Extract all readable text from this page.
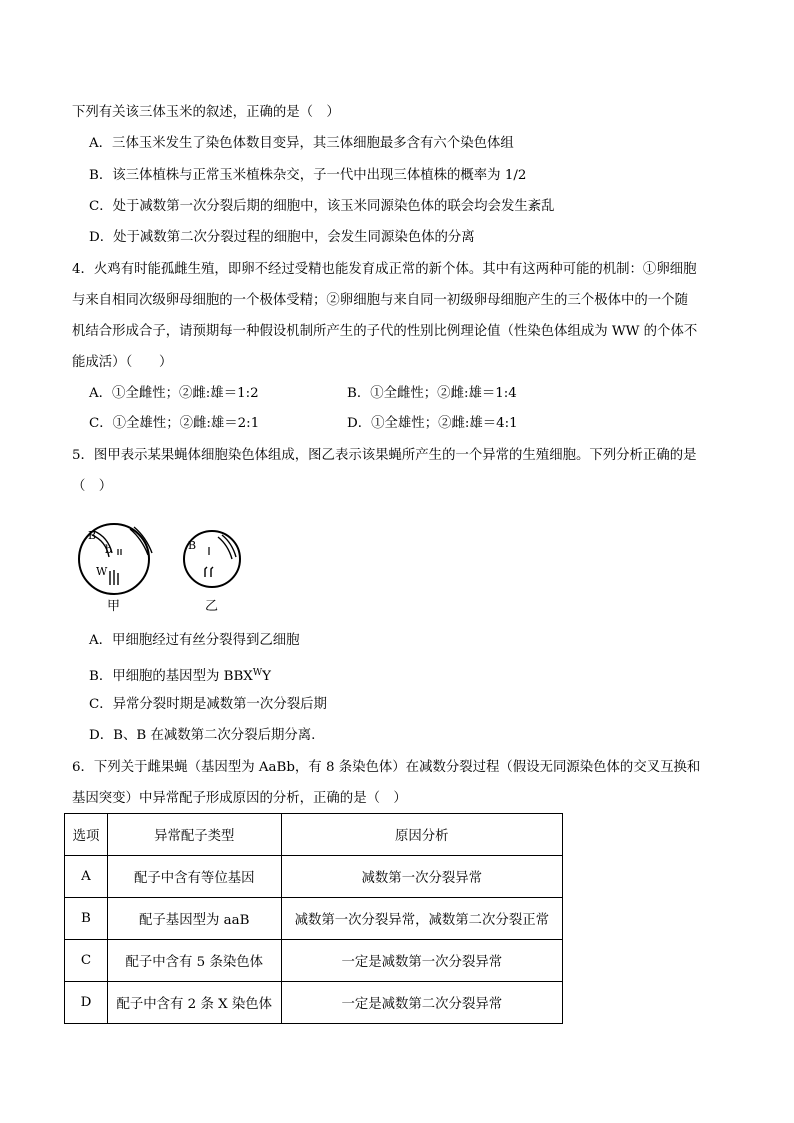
下列有关该三体玉米的叙述，正确的是（　）
A．三体玉米发生了染色体数目变异，其三体细胞最多含有六个染色体组
B．该三体植株与正常玉米植株杂交，子一代中出现三体植株的概率为 1/2
C．处于减数第一次分裂后期的细胞中，该玉米同源染色体的联会均会发生紊乱
D．处于减数第二次分裂过程的细胞中，会发生同源染色体的分离
4．火鸡有时能孤雌生殖，即卵不经过受精也能发育成正常的新个体。其中有这两种可能的机制：①卵细胞
与来自相同次级卵母细胞的一个极体受精；②卵细胞与来自同一初级卵母细胞产生的三个极体中的一个随
机结合形成合子，请预期每一种假设机制所产生的子代的性别比例理论值（性染色体组成为 WW 的个体不
能成活）（　　）
A．①全雌性；②雌:雄＝1:2	B．①全雌性；②雌:雄＝1:4
C．①全雄性；②雌:雄＝2:1	D．①全雄性；②雌:雄＝4:1
5．图甲表示某果蝇体细胞染色体组成，图乙表示该果蝇所产生的一个异常的生殖细胞。下列分析正确的是
（　）
B
b
W
B
甲	乙
A．甲细胞经过有丝分裂得到乙细胞
B．甲细胞的基因型为 $BBX^WY$
C．异常分裂时期是减数第一次分裂后期
D．B、B 在减数第二次分裂后期分离.
6．下列关于雌果蝇（基因型为 AaBb，有 8 条染色体）在减数分裂过程（假设无同源染色体的交叉互换和
基因突变）中异常配子形成原因的分析，正确的是（　）
选项	异常配子类型	原因分析
A	配子中含有等位基因	减数第一次分裂异常
B	配子基因型为 aaB	减数第一次分裂异常，减数第二次分裂正常
C	配子中含有 5 条染色体	一定是减数第一次分裂异常
D	配子中含有 2 条 X 染色体	一定是减数第二次分裂异常
